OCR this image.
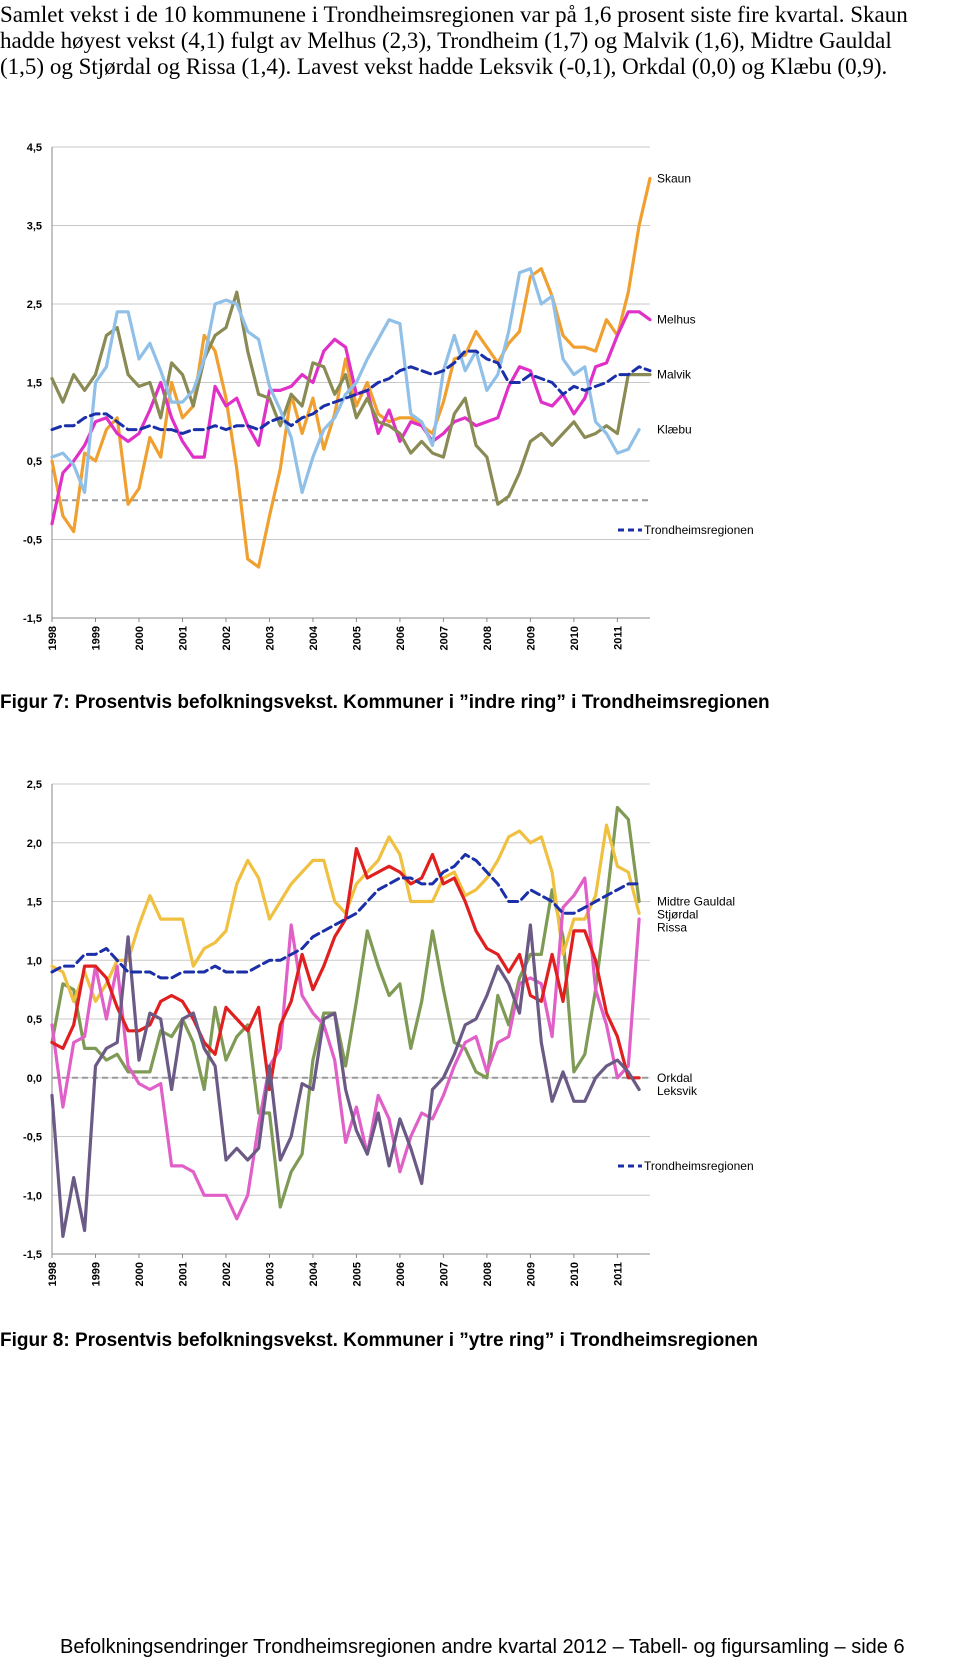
Samlet vekst i de 10 kommunene i Trondheimsregionen var på 1,6 prosent siste fire kvartal. Skaun hadde høyest vekst (4,1) fulgt av Melhus (2,3), Trondheim (1,7) og Malvik (1,6), Midtre Gauldal (1,5) og Stjørdal og Rissa (1,4). Lavest vekst hadde Leksvik (-0,1), Orkdal (0,0) og Klæbu (0,9).

-1,5
-0,5
0,5
1,5
2,5
3,5
4,5
1998	1999	2000	2001	2002	2003	2004	2005	2006	2007	2008	2009	2010	2011
Skaun
Melhus
Malvik
Klæbu
Trondheimsregionen

Figur 7: Prosentvis befolkningsvekst. Kommuner i ”indre ring” i Trondheimsregionen

-1,5
-1,0
-0,5
0,0
0,5
1,0
1,5
2,0
2,5
1998	1999	2000	2001	2002	2003	2004	2005	2006	2007	2008	2009	2010	2011
Midtre Gauldal
Stjørdal
Rissa
Orkdal
Leksvik
Trondheimsregionen

Figur 8: Prosentvis befolkningsvekst. Kommuner i ”ytre ring” i Trondheimsregionen

Befolkningsendringer Trondheimsregionen andre kvartal 2012 – Tabell- og figursamling – side 6
